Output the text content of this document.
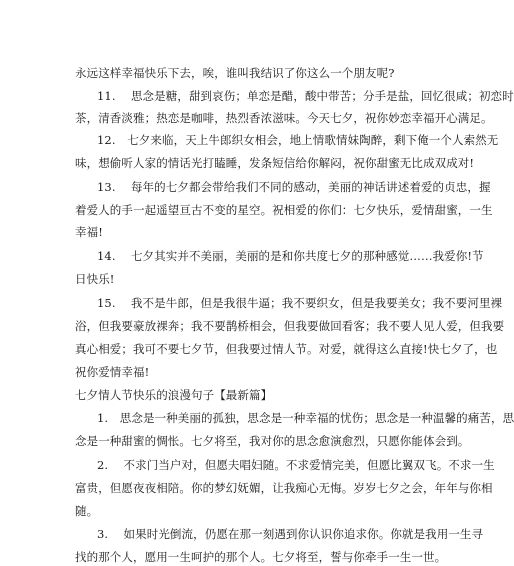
永远这样幸福快乐下去，唉，谁叫我结识了你这么一个朋友呢?
11.　 思念是糖，甜到哀伤；单恋是醋，酸中带苦；分手是盐，回忆很咸；初恋时
茶，清香淡雅；热恋是咖啡，热烈香浓滋味。今天七夕，祝你妙恋幸福开心满足。
12.　七夕来临，天上牛郎织女相会，地上情歌情妹陶醉，剩下俺一个人索然无
味，想偷听人家的情话光打瞌睡，发条短信给你解闷，祝你甜蜜无比成双成对!
13.　 每年的七夕都会带给我们不同的感动，美丽的神话讲述着爱的贞忠，握
着爱人的手一起遥望亘古不变的星空。祝相爱的你们：七夕快乐，爱情甜蜜，一生
幸福!
14.　 七夕其实并不美丽，美丽的是和你共度七夕的那种感觉……我爱你!节
日快乐!
15.　 我不是牛郎，但是我很牛逼；我不要织女，但是我要美女；我不要河里裸
浴，但我要豪放裸奔；我不要鹊桥相会，但我要做回看客；我不要人见人爱，但我要
真心相爱；我可不要七夕节，但我要过情人节。对爱，就得这么直接!快七夕了，也
祝你爱情幸福!
七夕情人节快乐的浪漫句子【最新篇】
1.　思念是一种美丽的孤独，思念是一种幸福的忧伤；思念是一种温馨的痛苦，思
念是一种甜蜜的惆怅。七夕将至，我对你的思念愈演愈烈，只愿你能体会到。
2.　 不求门当户对，但愿夫唱妇随。不求爱情完美，但愿比翼双飞。不求一生
富贵，但愿夜夜相陪。你的梦幻妩媚，让我痴心无悔。岁岁七夕之会，年年与你相
随。
3.　 如果时光倒流，仍愿在那一刻遇到你认识你追求你。你就是我用一生寻
找的那个人，愿用一生呵护的那个人。七夕将至，誓与你牵手一生一世。
